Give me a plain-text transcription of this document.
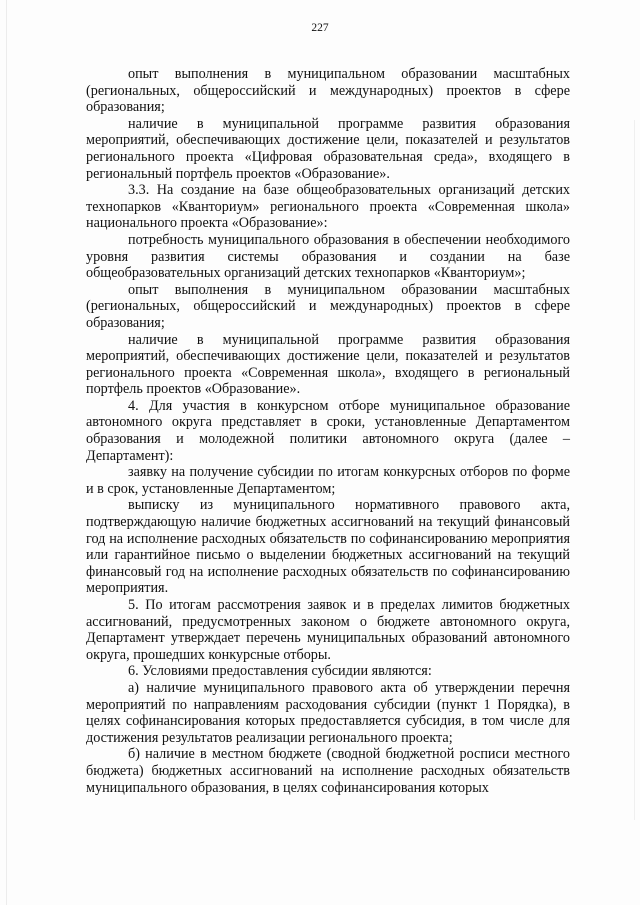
227

опыт выполнения в муниципальном образовании масштабных (региональных, общероссийский и международных) проектов в сфере образования;

наличие в муниципальной программе развития образования мероприятий, обеспечивающих достижение цели, показателей и результатов регионального проекта «Цифровая образовательная среда», входящего в региональный портфель проектов «Образование».

3.3. На создание на базе общеобразовательных организаций детских технопарков «Кванториум» регионального проекта «Современная школа» национального проекта «Образование»:

потребность муниципального образования в обеспечении необходимого уровня развития системы образования и создании на базе общеобразовательных организаций детских технопарков «Кванториум»;

опыт выполнения в муниципальном образовании масштабных (региональных, общероссийский и международных) проектов в сфере образования;

наличие в муниципальной программе развития образования мероприятий, обеспечивающих достижение цели, показателей и результатов регионального проекта «Современная школа», входящего в региональный портфель проектов «Образование».

4. Для участия в конкурсном отборе муниципальное образование автономного округа представляет в сроки, установленные Департаментом образования и молодежной политики автономного округа (далее – Департамент):

заявку на получение субсидии по итогам конкурсных отборов по форме и в срок, установленные Департаментом;

выписку из муниципального нормативного правового акта, подтверждающую наличие бюджетных ассигнований на текущий финансовый год на исполнение расходных обязательств по софинансированию мероприятия или гарантийное письмо о выделении бюджетных ассигнований на текущий финансовый год на исполнение расходных обязательств по софинансированию мероприятия.

5. По итогам рассмотрения заявок и в пределах лимитов бюджетных ассигнований, предусмотренных законом о бюджете автономного округа, Департамент утверждает перечень муниципальных образований автономного округа, прошедших конкурсные отборы.

6. Условиями предоставления субсидии являются:

а) наличие муниципального правового акта об утверждении перечня мероприятий по направлениям расходования субсидии (пункт 1 Порядка), в целях софинансирования которых предоставляется субсидия, в том числе для достижения результатов реализации регионального проекта;

б) наличие в местном бюджете (сводной бюджетной росписи местного бюджета) бюджетных ассигнований на исполнение расходных обязательств муниципального образования, в целях софинансирования которых
